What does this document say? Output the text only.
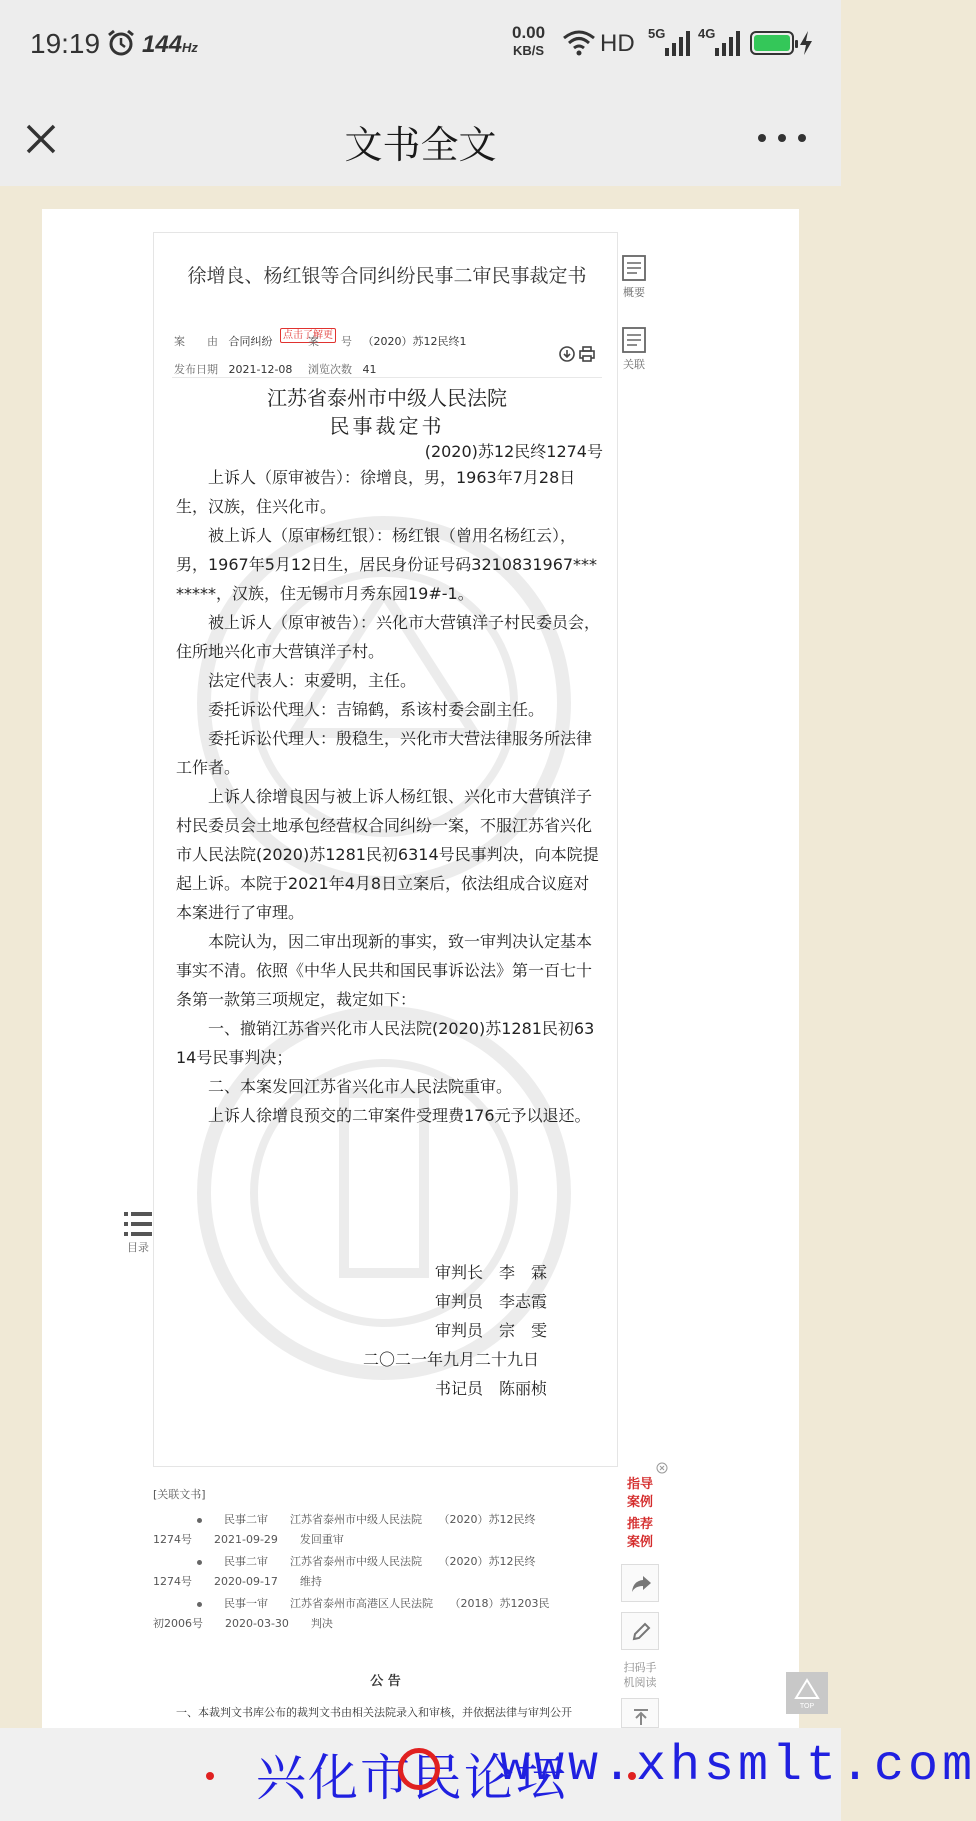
19:19 144Hz
0.00
KB/S HD 5G	4G
文书全文
徐增良、杨红银等合同纠纷民事二审民事裁定书
案　　由 合同纠纷	点击了解更
案　　号 （2020）苏12民终1
发布日期 2021-12-08 浏览次数 41
江苏省泰州市中级人民法院
民事裁定书
(2020)苏12民终1274号

上诉人（原审被告）：徐增良，男，1963年7月28日生，汉族，住兴化市。

被上诉人（原审杨红银）：杨红银（曾用名杨红云），男，1967年5月12日生，居民身份证号码3210831967********，汉族，住无锡市月秀东园19#-1。

被上诉人（原审被告）：兴化市大营镇洋子村民委员会，住所地兴化市大营镇洋子村。

法定代表人：束爱明，主任。

委托诉讼代理人：吉锦鹤，系该村委会副主任。

委托诉讼代理人：殷稳生，兴化市大营法律服务所法律工作者。

上诉人徐增良因与被上诉人杨红银、兴化市大营镇洋子村民委员会土地承包经营权合同纠纷一案，不服江苏省兴化市人民法院(2020)苏1281民初6314号民事判决，向本院提起上诉。本院于2021年4月8日立案后，依法组成合议庭对本案进行了审理。

本院认为，因二审出现新的事实，致一审判决认定基本事实不清。依照《中华人民共和国民事诉讼法》第一百七十条第一款第三项规定，裁定如下：

一、撤销江苏省兴化市人民法院(2020)苏1281民初6314号民事判决；

二、本案发回江苏省兴化市人民法院重审。

上诉人徐增良预交的二审案件受理费176元予以退还。

审判长　李　霖
审判员　李志霞
审判员　宗　雯
二〇二一年九月二十九日
书记员　陈丽桢
概要
关联
目录
[关联文书]
民事二审　　江苏省泰州市中级人民法院　　（2020）苏12民终
1274号　　2021-09-29　　发回重审
民事二审　　江苏省泰州市中级人民法院　　（2020）苏12民终
1274号　　2020-09-17　　维持
民事一审　　江苏省泰州市高港区人民法院　　（2018）苏1203民
初2006号　　2020-03-30　　判决
公 告
一、本裁判文书库公布的裁判文书由相关法院录入和审核，并依据法律与审判公开
指导
案例
推荐
案例
扫码手
机阅读
TOP
兴化市民论坛
www.xhsmlt.com
